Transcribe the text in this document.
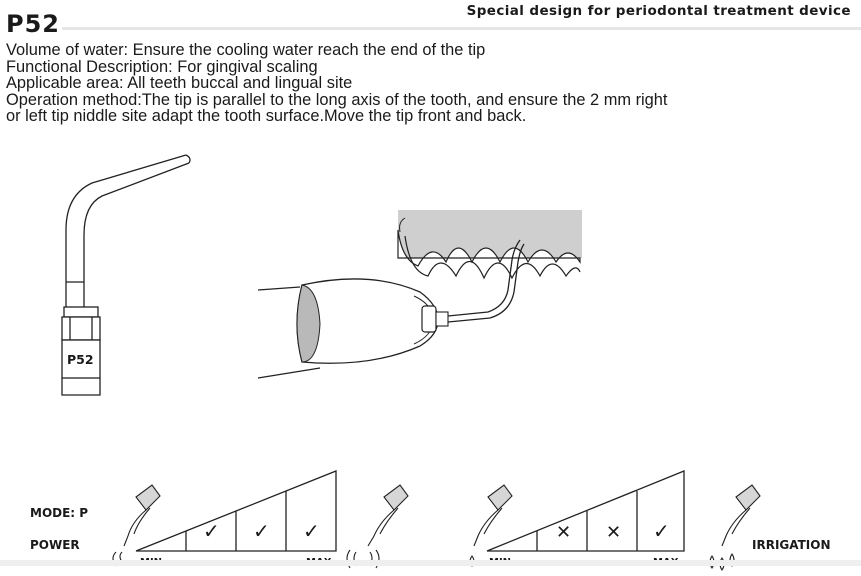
P52	Special design for periodontal treatment device
Volume of water: Ensure the cooling water reach the end of the tip
Functional Description: For gingival scaling
Applicable area: All teeth buccal and lingual site
Operation method:The tip is parallel to the long axis of the tooth, and ensure the 2 mm right
or left tip niddle site adapt the tooth surface.Move the tip front and back.
P52
MODE: P
POWER	IRRIGATION
✓ ✓ ✓	✕ ✕ ✓
